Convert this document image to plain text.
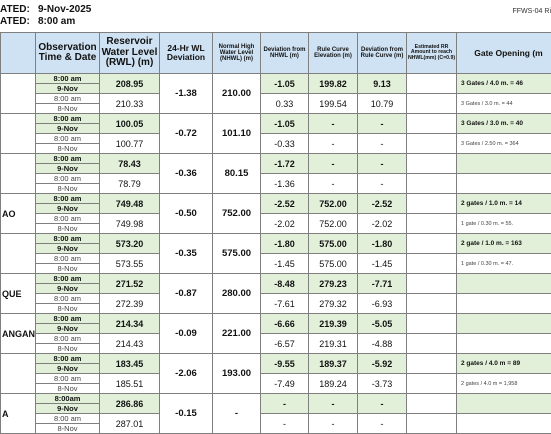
ATED: 9-Nov-2025
ATED: 8:00 am
FFWS-04 Ri
	Observation Time & Date	Reservoir Water Level (RWL) (m)	24-Hr WL Deviation	Normal High Water Level (NHWL) (m)	Deviation from NHWL (m)	Rule Curve Elevation (m)	Deviation from Rule Curve (m)	Estimated RR Amount to reach NHWL(mm) (C=0.9)	Gate Opening (m
	8:00 am	208.95	-1.38	210.00	-1.05	199.82	9.13		3 Gates / 4.0 m. = 46
	9-Nov								
	8:00 am	210.33			0.33	199.54	10.79		3 Gates / 3.0 m. = 44
	8-Nov								
	8:00 am	100.05	-0.72	101.10	-1.05	-	-		3 Gates / 3.0 m. = 40
	9-Nov								
	8:00 am	100.77			-0.33	-	-		3 Gates / 2.50 m. = 364
	8-Nov								
	8:00 am	78.43	-0.36	80.15	-1.72	-	-		
	9-Nov								
	8:00 am	78.79			-1.36	-	-		
	8-Nov								
AO	8:00 am	749.48	-0.50	752.00	-2.52	752.00	-2.52		2 gates / 1.0 m. = 14
	9-Nov								
	8:00 am	749.98			-2.02	752.00	-2.02		1 gate / 0.30 m. = 55.
	8-Nov								
	8:00 am	573.20	-0.35	575.00	-1.80	575.00	-1.80		2 gate / 1.0 m. = 163
	9-Nov								
	8:00 am	573.55			-1.45	575.00	-1.45		1 gate / 0.30 m. = 47.
	8-Nov								
QUE	8:00 am	271.52	-0.87	280.00	-8.48	279.23	-7.71		
	9-Nov								
	8:00 am	272.39			-7.61	279.32	-6.93		
	8-Nov								
ANGAN	8:00 am	214.34	-0.09	221.00	-6.66	219.39	-5.05		
	9-Nov								
	8:00 am	214.43			-6.57	219.31	-4.88		
	8-Nov								
	8:00 am	183.45	-2.06	193.00	-9.55	189.37	-5.92		2 gates / 4.0 m = 89
	9-Nov								
	8:00 am	185.51			-7.49	189.24	-3.73		2 gates / 4.0 m = 1,958
	8-Nov								
A	8:00am	286.86	-0.15	-	-	-	-		
	9-Nov								
	8:00 am	287.01			-	-	-		
	8-Nov								
